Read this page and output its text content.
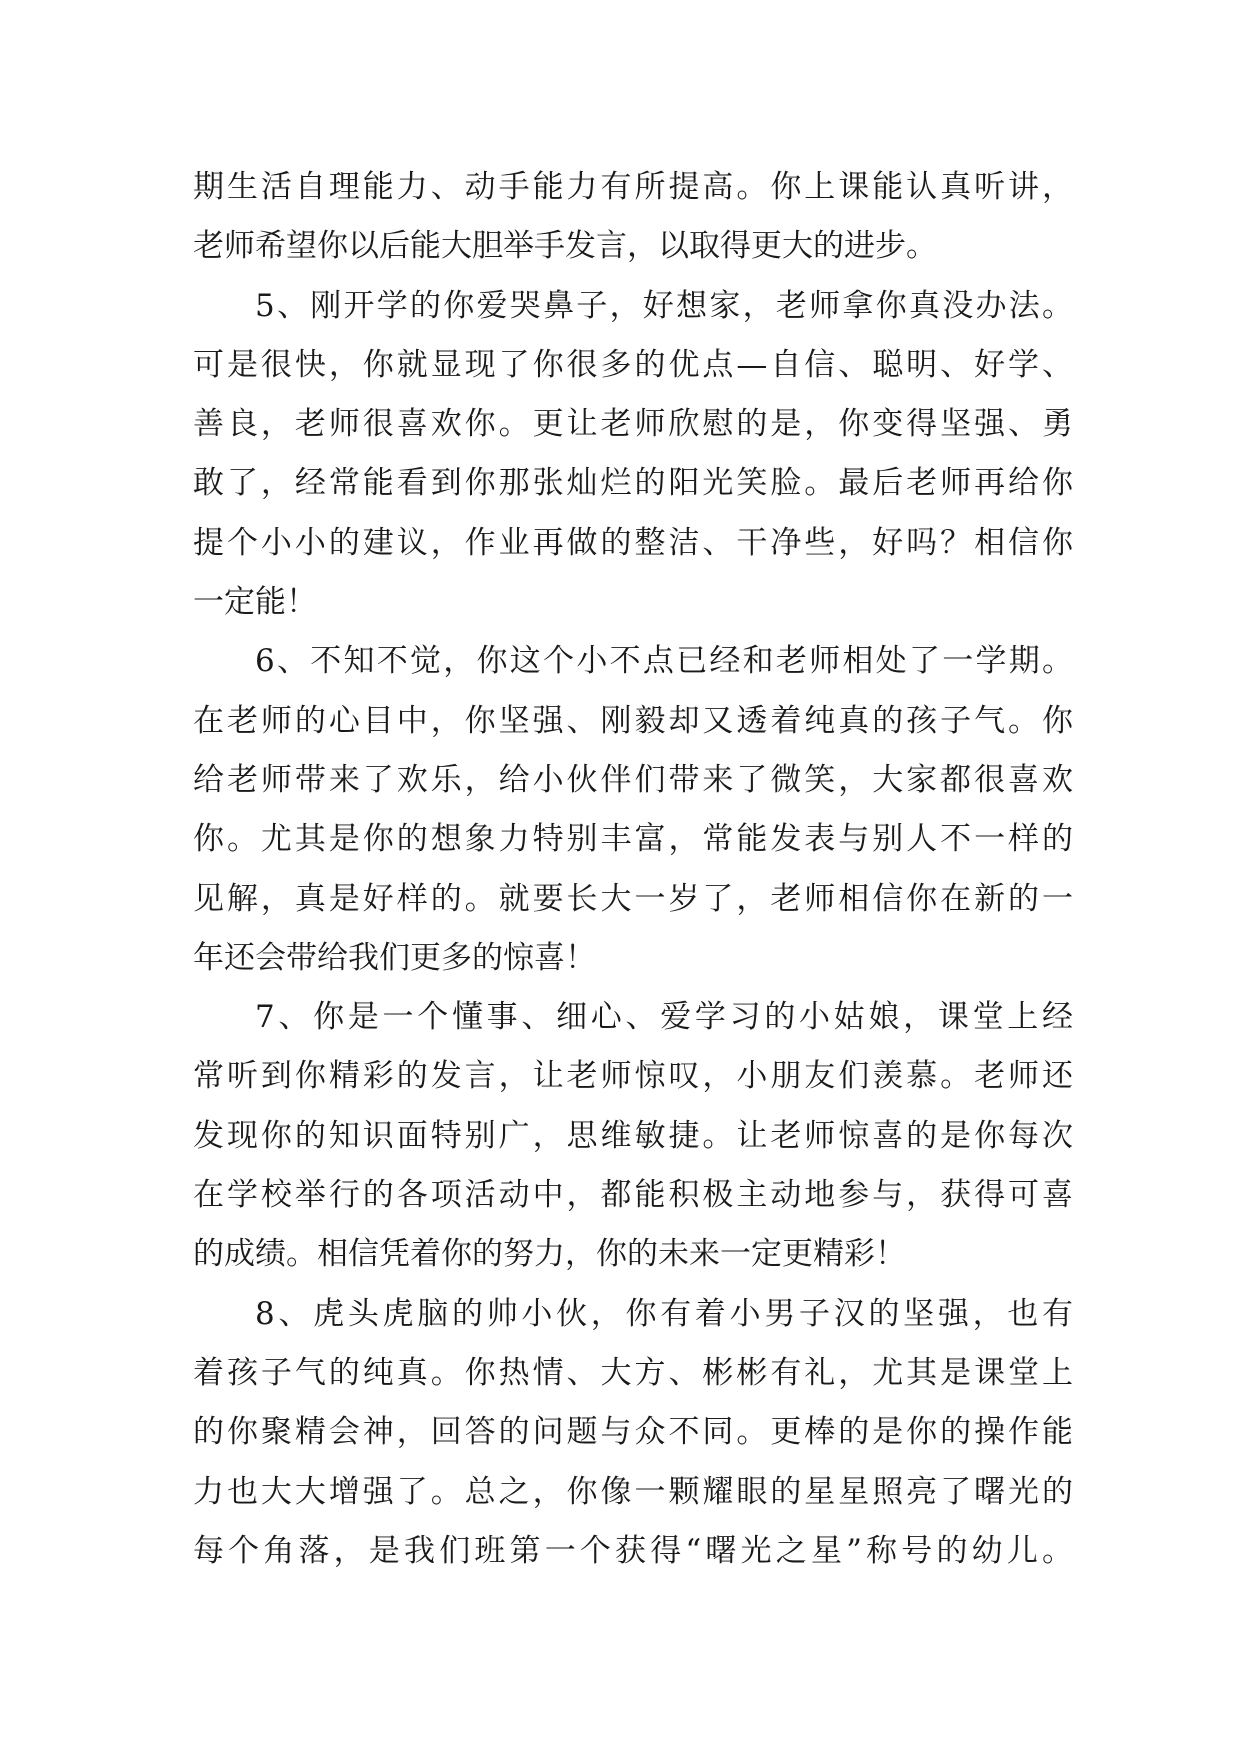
期生活自理能力、动手能力有所提高。你上课能认真听讲，
老师希望你以后能大胆举手发言，以取得更大的进步。
5、刚开学的你爱哭鼻子，好想家，老师拿你真没办法。
可是很快，你就显现了你很多的优点—自信、聪明、好学、
善良，老师很喜欢你。更让老师欣慰的是，你变得坚强、勇
敢了，经常能看到你那张灿烂的阳光笑脸。最后老师再给你
提个小小的建议，作业再做的整洁、干净些，好吗？相信你
一定能！
6、不知不觉，你这个小不点已经和老师相处了一学期。
在老师的心目中，你坚强、刚毅却又透着纯真的孩子气。你
给老师带来了欢乐，给小伙伴们带来了微笑，大家都很喜欢
你。尤其是你的想象力特别丰富，常能发表与别人不一样的
见解，真是好样的。就要长大一岁了，老师相信你在新的一
年还会带给我们更多的惊喜！
7、你是一个懂事、细心、爱学习的小姑娘，课堂上经
常听到你精彩的发言，让老师惊叹，小朋友们羡慕。老师还
发现你的知识面特别广，思维敏捷。让老师惊喜的是你每次
在学校举行的各项活动中，都能积极主动地参与，获得可喜
的成绩。相信凭着你的努力，你的未来一定更精彩！
8、虎头虎脑的帅小伙，你有着小男子汉的坚强，也有
着孩子气的纯真。你热情、大方、彬彬有礼，尤其是课堂上
的你聚精会神，回答的问题与众不同。更棒的是你的操作能
力也大大增强了。总之，你像一颗耀眼的星星照亮了曙光的
每个角落，是我们班第一个获得“曙光之星”称号的幼儿。
